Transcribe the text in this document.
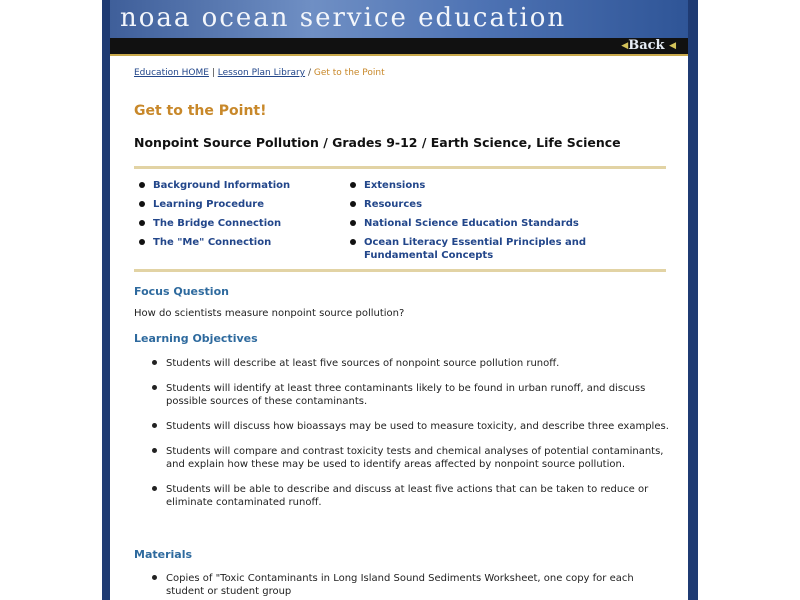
noaa ocean service education
◀Back ◀
Education HOME | Lesson Plan Library / Get to the Point
Get to the Point!
Nonpoint Source Pollution / Grades 9-12 / Earth Science, Life Science
Background Information
Learning Procedure
The Bridge Connection
The "Me" Connection
Extensions
Resources
National Science Education Standards
Ocean Literacy Essential Principles and Fundamental Concepts
Focus Question
How do scientists measure nonpoint source pollution?
Learning Objectives
Students will describe at least five sources of nonpoint source pollution runoff.
Students will identify at least three contaminants likely to be found in urban runoff, and discuss possible sources of these contaminants.
Students will discuss how bioassays may be used to measure toxicity, and describe three examples.
Students will compare and contrast toxicity tests and chemical analyses of potential contaminants, and explain how these may be used to identify areas affected by nonpoint source pollution.
Students will be able to describe and discuss at least five actions that can be taken to reduce or eliminate contaminated runoff.
Materials
Copies of "Toxic Contaminants in Long Island Sound Sediments Worksheet, one copy for each student or student group
